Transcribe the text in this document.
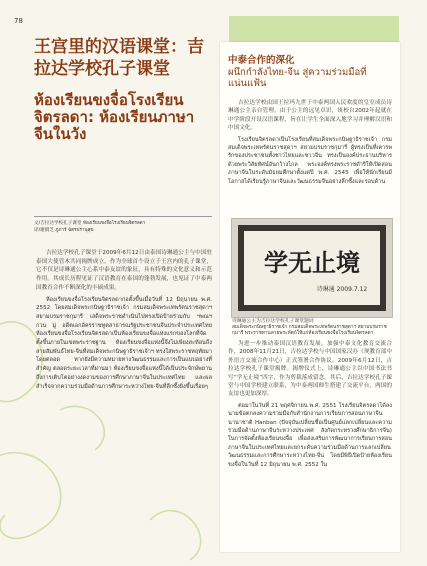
78
王宫里的汉语课堂：吉拉达学校孔子课堂
ห้องเรียนขงจื่อโรงเรียนจิตรลดา: ห้องเรียนภาษาจีนในวัง
文/吉拉达学校孔子课堂 ห้องเรียนขงจื่อโรงเรียนจิตรลดา
译/谢镇芝 ภูภาร์ ฉัตรปรานุสุข

吉拉达学校孔子课堂于2009年6月12日由泰国诗琳通公主与中国驻泰国大使管木共同揭牌成立。作为全球首个设立于王宫内的孔子课堂，它不仅是诗琳通公主心系中泰友谊的象征，具有特殊的文化意义和示范作用。其成长历程见证了汉语教育在泰国的蓬勃发展，也见证了中泰两国教育合作不断深化的丰硕成果。

ห้องเรียนขงจื่อโรงเรียนจิตรลดาก่อตั้งขึ้นเมื่อวันที่ 12 มิถุนายน พ.ศ. 2552 โดยสมเด็จพระกนิษฐาธิราชเจ้า กรมสมเด็จพระเทพรัตนราชสุดาฯ สยามบรมราชกุมารี เสด็จพระราชดำเนินไปทรงเปิดป้ายร่วมกับ ฯพณฯ กวน มู่ อดีตเอกอัครราชทูตสาธารณรัฐประชาชนจีนประจำประเทศไทย ห้องเรียนขงจื่อโรงเรียนจิตรลดาเป็นห้องเรียนขงจื่อแห่งแรกของโลกที่จัดตั้งขึ้นภายในเขตพระราชฐาน ห้องเรียนขงจื่อแห่งนี้จึงไม่เพียงสะท้อนถึงสายสัมพันธ์ไทย-จีนที่สมเด็จพระกนิษฐาธิราชเจ้าฯ ทรงใส่พระราชหฤทัยมาโดยตลอด หากยังมีความหมายทางวัฒนธรรมและการเป็นแบบอย่างที่สำคัญ ตลอดระยะเวลาที่ผ่านมา ห้องเรียนขงจื่อแห่งนี้ได้เป็นประจักษ์พยานถึงการเติบโตอย่างงดงามของการศึกษาภาษาจีนในประเทศไทย และผลสำเร็จจากความร่วมมือด้านการศึกษาระหว่างไทย-จีนที่ลึกซึ้งยิ่งขึ้นเรื่อยๆ

中泰合作的深化
ผนึกกำลังไทย-จีน สู่ความร่วมมือที่แน่นแฟ้น

吉拉达学校由国王拉玛九世于中泰两国人民欢度的皇室成员诗琳通公主亲自管理。由于公主的远见卓识，该校自2002年起就在中学阶段开设汉语课程，旨在让学生全面深入地学习并理解汉语和中国文化。

โรงเรียนจิตรลดาเป็นโรงเรียนที่สมเด็จพระกนิษฐาธิราชเจ้า กรมสมเด็จพระเทพรัตนราชสุดาฯ สยามบรมราชกุมารี ผู้ทรงเป็นที่เคารพรักของประชาชนทั้งชาวไทยและชาวจีน ทรงเป็นองค์ประธานบริหาร ด้วยพระวิสัยทัศน์อันกว้างไกล พระองค์ทรงพระราชดำริให้เปิดสอนภาษาจีนในระดับมัธยมศึกษาตั้งแต่ปี พ.ศ. 2545 เพื่อให้นักเรียนมีโอกาสได้เรียนรู้ภาษาจีนและวัฒนธรรมจีนอย่างลึกซึ้งและรอบด้าน

学无止境
诗琳通 2009.7.12
诗琳通公主为吉拉达学校孔子课堂题词
สมเด็จพระกนิษฐาธิราชเจ้า กรมสมเด็จพระเทพรัตนราชสุดาฯ สยามบรมราชกุมารี พระราชทานลายพระหัตถ์ให้แก่ห้องเรียนขงจื่อโรงเรียนจิตรลดา

为进一步推动泰国汉语教育发展，加强中泰文化教育交流合作，2008年11月21日，吉拉达学校与中国国家汉办（现教育部中外语言交流合作中心）正式签署合作协议。2009年6月12日，吉拉达学校孔子课堂揭牌。揭牌仪式上，诗琳通公主以中国书法书写“学无止境”四字，作为剪裁落成留念。其后，吉拉达学校孔子课堂与中国学校建立联系，为中泰两国师生搭建了交流平台，两国的友谊也更加深厚。

ต่อมาในวันที่ 21 พฤศจิกายน พ.ศ. 2551 โรงเรียนจิตรลดาได้ลงนามข้อตกลงความร่วมมือกับสำนักงานการเรียนการสอนภาษาจีนนานาชาติ Hanban (ปัจจุบันเปลี่ยนชื่อเป็นศูนย์แลกเปลี่ยนและความร่วมมือด้านภาษาจีนระหว่างประเทศ สังกัดกระทรวงศึกษาธิการจีน) ในการจัดตั้งห้องเรียนขงจื่อ เพื่อส่งเสริมการพัฒนาการเรียนการสอนภาษาจีนในประเทศไทยและยกระดับความร่วมมือด้านการแลกเปลี่ยนวัฒนธรรมและการศึกษาระหว่างไทย-จีน โดยมีพิธีเปิดป้ายห้องเรียนขงจื่อในวันที่ 12 มิถุนายน พ.ศ. 2552 ใน
